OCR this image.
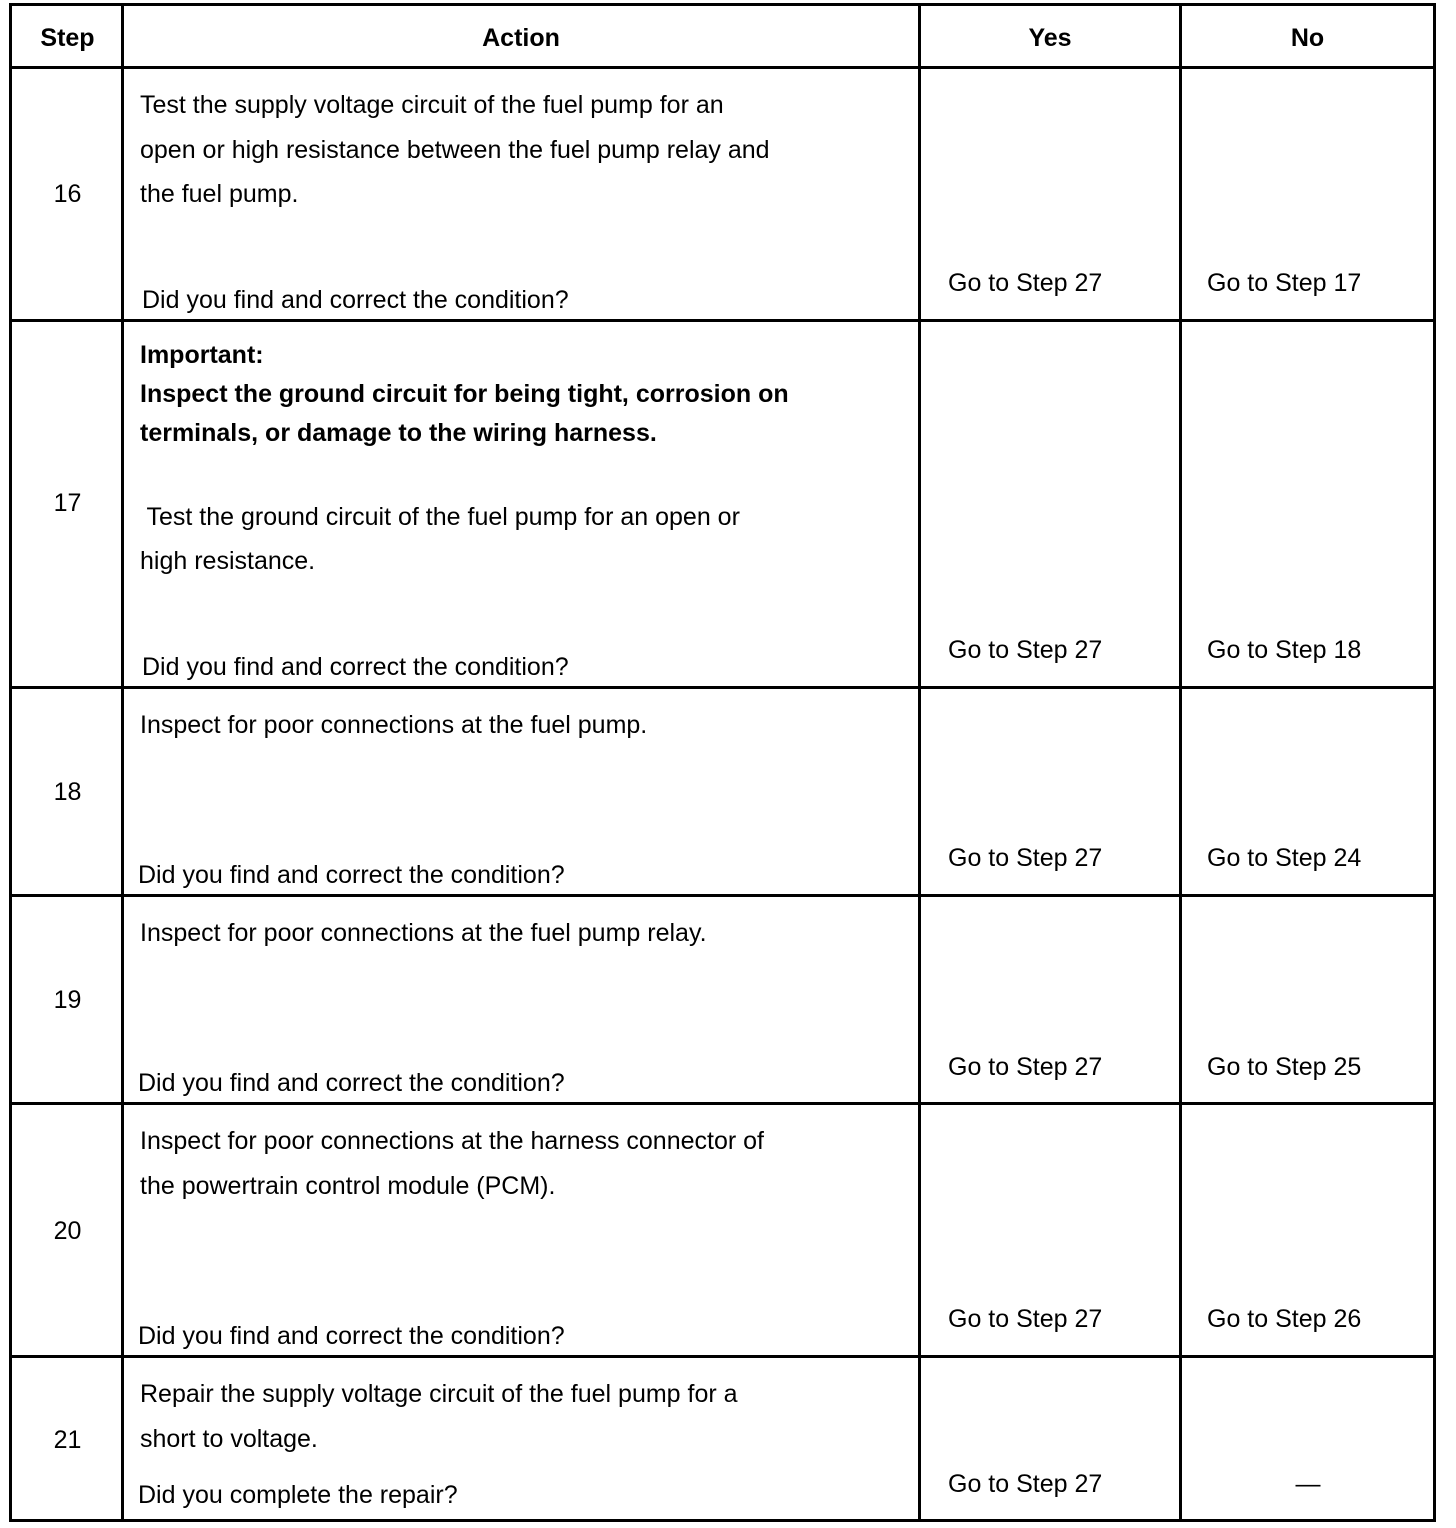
Step	Action	Yes	No
16
Test the supply voltage circuit of the fuel pump for an
open or high resistance between the fuel pump relay and
the fuel pump.
Did you find and correct the condition?
Go to Step 27	Go to Step 17
17
Important:
Inspect the ground circuit for being tight, corrosion on
terminals, or damage to the wiring harness.
Test the ground circuit of the fuel pump for an open or
high resistance.
Did you find and correct the condition?
Go to Step 27	Go to Step 18
18
Inspect for poor connections at the fuel pump.
Did you find and correct the condition?
Go to Step 27	Go to Step 24
19
Inspect for poor connections at the fuel pump relay.
Did you find and correct the condition?
Go to Step 27	Go to Step 25
20
Inspect for poor connections at the harness connector of
the powertrain control module (PCM).
Did you find and correct the condition?
Go to Step 27	Go to Step 26
21
Repair the supply voltage circuit of the fuel pump for a
short to voltage.
Did you complete the repair?	Go to Step 27	—
